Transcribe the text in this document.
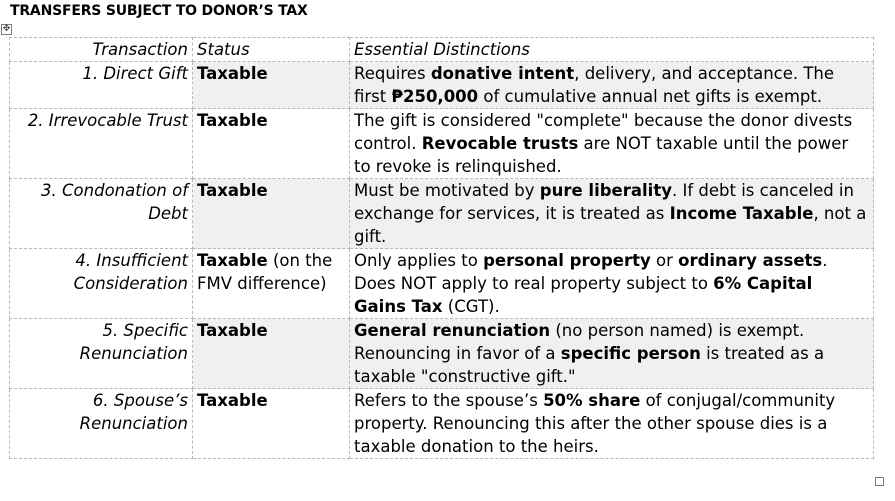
TRANSFERS SUBJECT TO DONOR’S TAX
✥
Transaction	Status	Essential Distinctions
1. Direct Gift	Taxable	Requires donative intent, delivery, and acceptance. The first ₱250,000 of cumulative annual net gifts is exempt.
2. Irrevocable Trust	Taxable	The gift is considered "complete" because the donor divests control. Revocable trusts are NOT taxable until the power to revoke is relinquished.
3. Condonation of Debt	Taxable	Must be motivated by pure liberality. If debt is canceled in exchange for services, it is treated as Income Taxable, not a gift.
4. Insufficient Consideration	Taxable (on the FMV difference)	Only applies to personal property or ordinary assets. Does NOT apply to real property subject to 6% Capital Gains Tax (CGT).
5. Specific Renunciation	Taxable	General renunciation (no person named) is exempt. Renouncing in favor of a specific person is treated as a taxable "constructive gift."
6. Spouse’s Renunciation	Taxable	Refers to the spouse’s 50% share of conjugal/community property. Renouncing this after the other spouse dies is a taxable donation to the heirs.
